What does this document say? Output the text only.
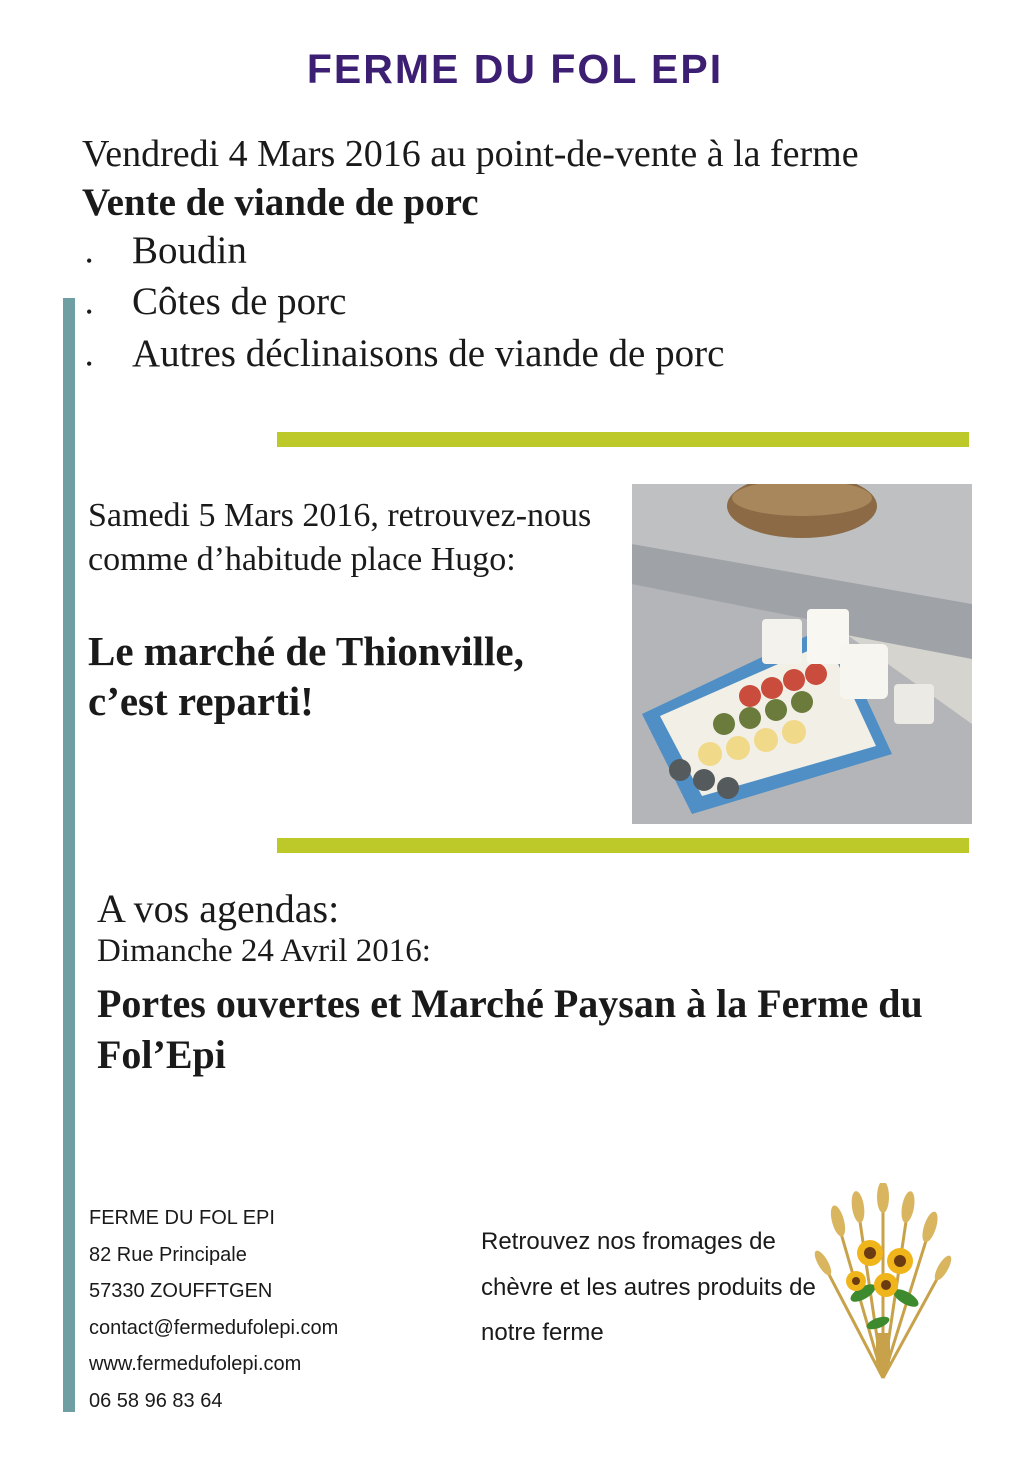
FERME DU FOL EPI
Vendredi 4 Mars 2016 au point-de-vente à la ferme
Vente de viande de porc
• Boudin
• Côtes de porc
• Autres déclinaisons de viande de porc
Samedi 5 Mars 2016, retrouvez-nous comme d’habitude place Hugo:
Le marché de Thionville, c’est reparti!
A vos agendas:
Dimanche 24 Avril 2016:
Portes ouvertes et Marché Paysan à la Ferme du Fol’Epi
FERME DU FOL EPI
82 Rue Principale
57330 ZOUFFTGEN
contact@fermedufolepi.com
www.fermedufolepi.com
06 58 96 83 64
Retrouvez nos fromages de chèvre et les autres produits de notre ferme
